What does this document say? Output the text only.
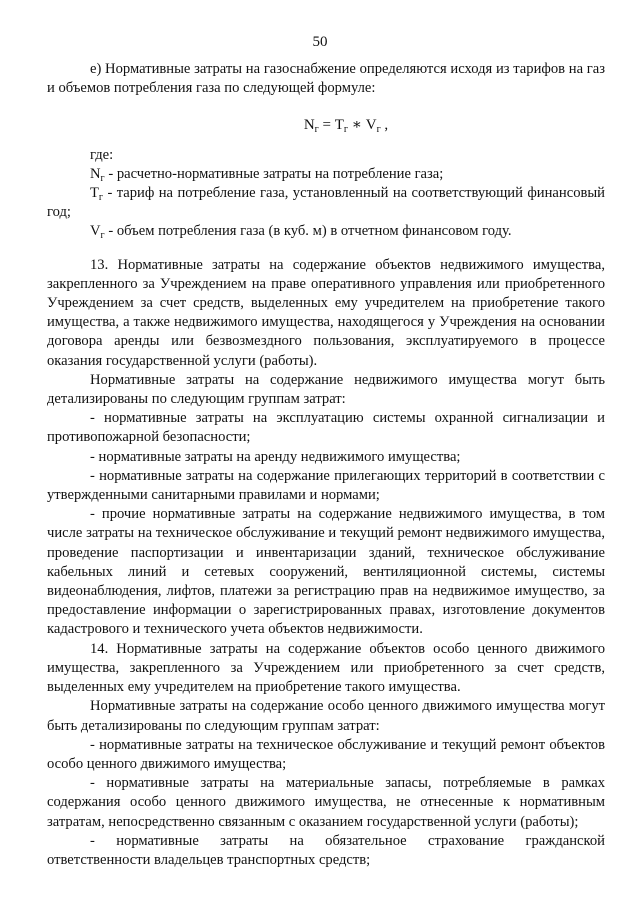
50

е) Нормативные затраты на газоснабжение определяются исходя из тарифов на газ и объемов потребления газа по следующей формуле:

$N_г = T_г$ ∗ $V_г$ ,

где:

$N_г$ - расчетно-нормативные затраты на потребление газа;

$T_г$ - тариф на потребление газа, установленный на соответствующий финансовый год;

$V_г$ - объем потребления газа (в куб. м) в отчетном финансовом году.

13. Нормативные затраты на содержание объектов недвижимого имущества, закрепленного за Учреждением на праве оперативного управления или приобретенного Учреждением за счет средств, выделенных ему учредителем на приобретение такого имущества, а также недвижимого имущества, находящегося у Учреждения на основании договора аренды или безвозмездного пользования, эксплуатируемого в процессе оказания государственной услуги (работы).

Нормативные затраты на содержание недвижимого имущества могут быть детализированы по следующим группам затрат:

- нормативные затраты на эксплуатацию системы охранной сигнализации и противопожарной безопасности;

- нормативные затраты на аренду недвижимого имущества;

- нормативные затраты на содержание прилегающих территорий в соответствии с утвержденными санитарными правилами и нормами;

- прочие нормативные затраты на содержание недвижимого имущества, в том числе затраты на техническое обслуживание и текущий ремонт недвижимого имущества, проведение паспортизации и инвентаризации зданий, техническое обслуживание кабельных линий и сетевых сооружений, вентиляционной системы, системы видеонаблюдения, лифтов, платежи за регистрацию прав на недвижимое имущество, за предоставление информации о зарегистрированных правах, изготовление документов кадастрового и технического учета объектов недвижимости.

14. Нормативные затраты на содержание объектов особо ценного движимого имущества, закрепленного за Учреждением или приобретенного за счет средств, выделенных ему учредителем на приобретение такого имущества.

Нормативные затраты на содержание особо ценного движимого имущества могут быть детализированы по следующим группам затрат:

- нормативные затраты на техническое обслуживание и текущий ремонт объектов особо ценного движимого имущества;

- нормативные затраты на материальные запасы, потребляемые в рамках содержания особо ценного движимого имущества, не отнесенные к нормативным затратам, непосредственно связанным с оказанием государственной услуги (работы);

- нормативные затраты на обязательное страхование гражданской ответственности владельцев транспортных средств;
